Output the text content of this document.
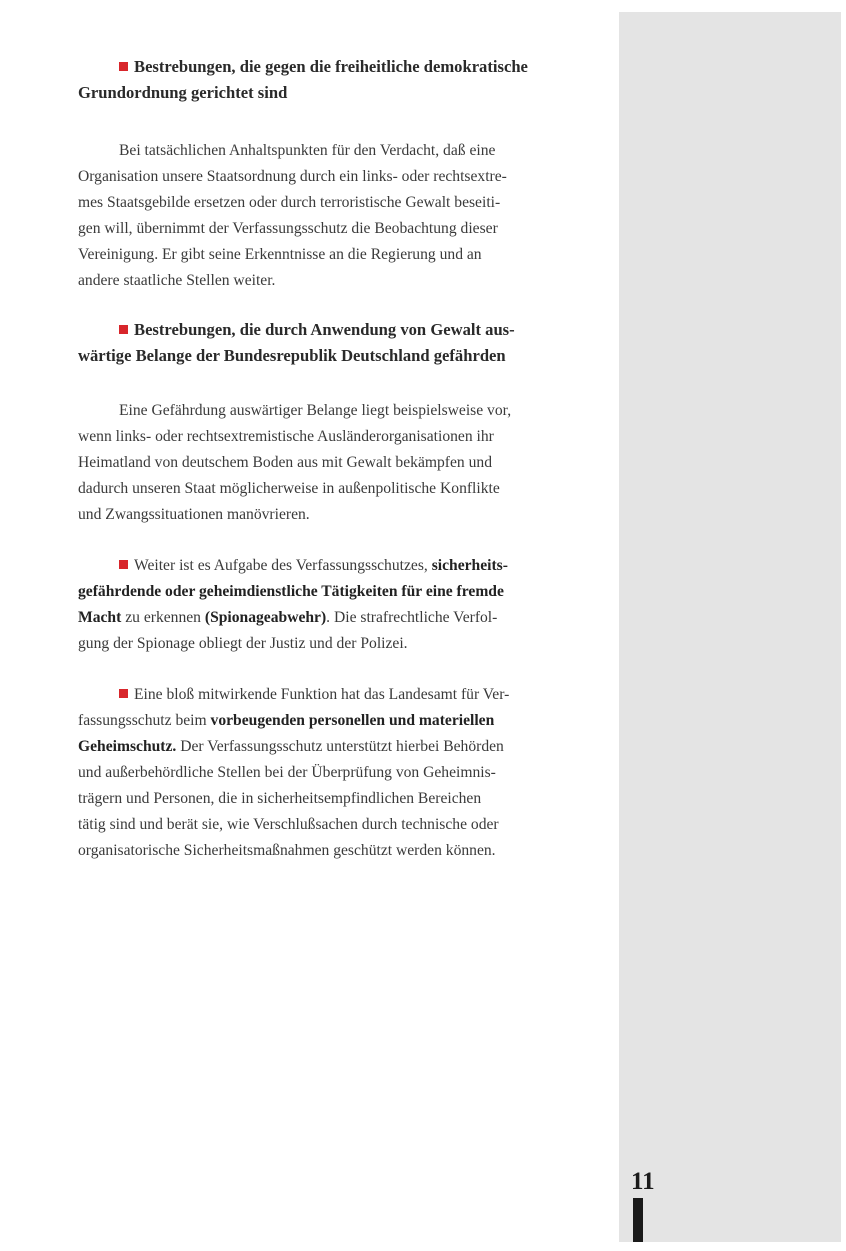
Bestrebungen, die gegen die freiheitliche demokratische
Grundordnung gerichtet sind
Bei tatsächlichen Anhaltspunkten für den Verdacht, daß eine
Organisation unsere Staatsordnung durch ein links- oder rechtsextre-
mes Staatsgebilde ersetzen oder durch terroristische Gewalt beseiti-
gen will, übernimmt der Verfassungsschutz die Beobachtung dieser
Vereinigung. Er gibt seine Erkenntnisse an die Regierung und an
andere staatliche Stellen weiter.
Bestrebungen, die durch Anwendung von Gewalt aus-
wärtige Belange der Bundesrepublik Deutschland gefährden
Eine Gefährdung auswärtiger Belange liegt beispielsweise vor,
wenn links- oder rechtsextremistische Ausländerorganisationen ihr
Heimatland von deutschem Boden aus mit Gewalt bekämpfen und
dadurch unseren Staat möglicherweise in außenpolitische Konflikte
und Zwangssituationen manövrieren.
Weiter ist es Aufgabe des Verfassungsschutzes, sicherheits-
gefährdende oder geheimdienstliche Tätigkeiten für eine fremde
Macht zu erkennen (Spionageabwehr). Die strafrechtliche Verfol-
gung der Spionage obliegt der Justiz und der Polizei.
Eine bloß mitwirkende Funktion hat das Landesamt für Ver-
fassungsschutz beim vorbeugenden personellen und materiellen
Geheimschutz. Der Verfassungsschutz unterstützt hierbei Behörden
und außerbehördliche Stellen bei der Überprüfung von Geheimnis-
trägern und Personen, die in sicherheitsempfindlichen Bereichen
tätig sind und berät sie, wie Verschlußsachen durch technische oder
organisatorische Sicherheitsmaßnahmen geschützt werden können.
11
